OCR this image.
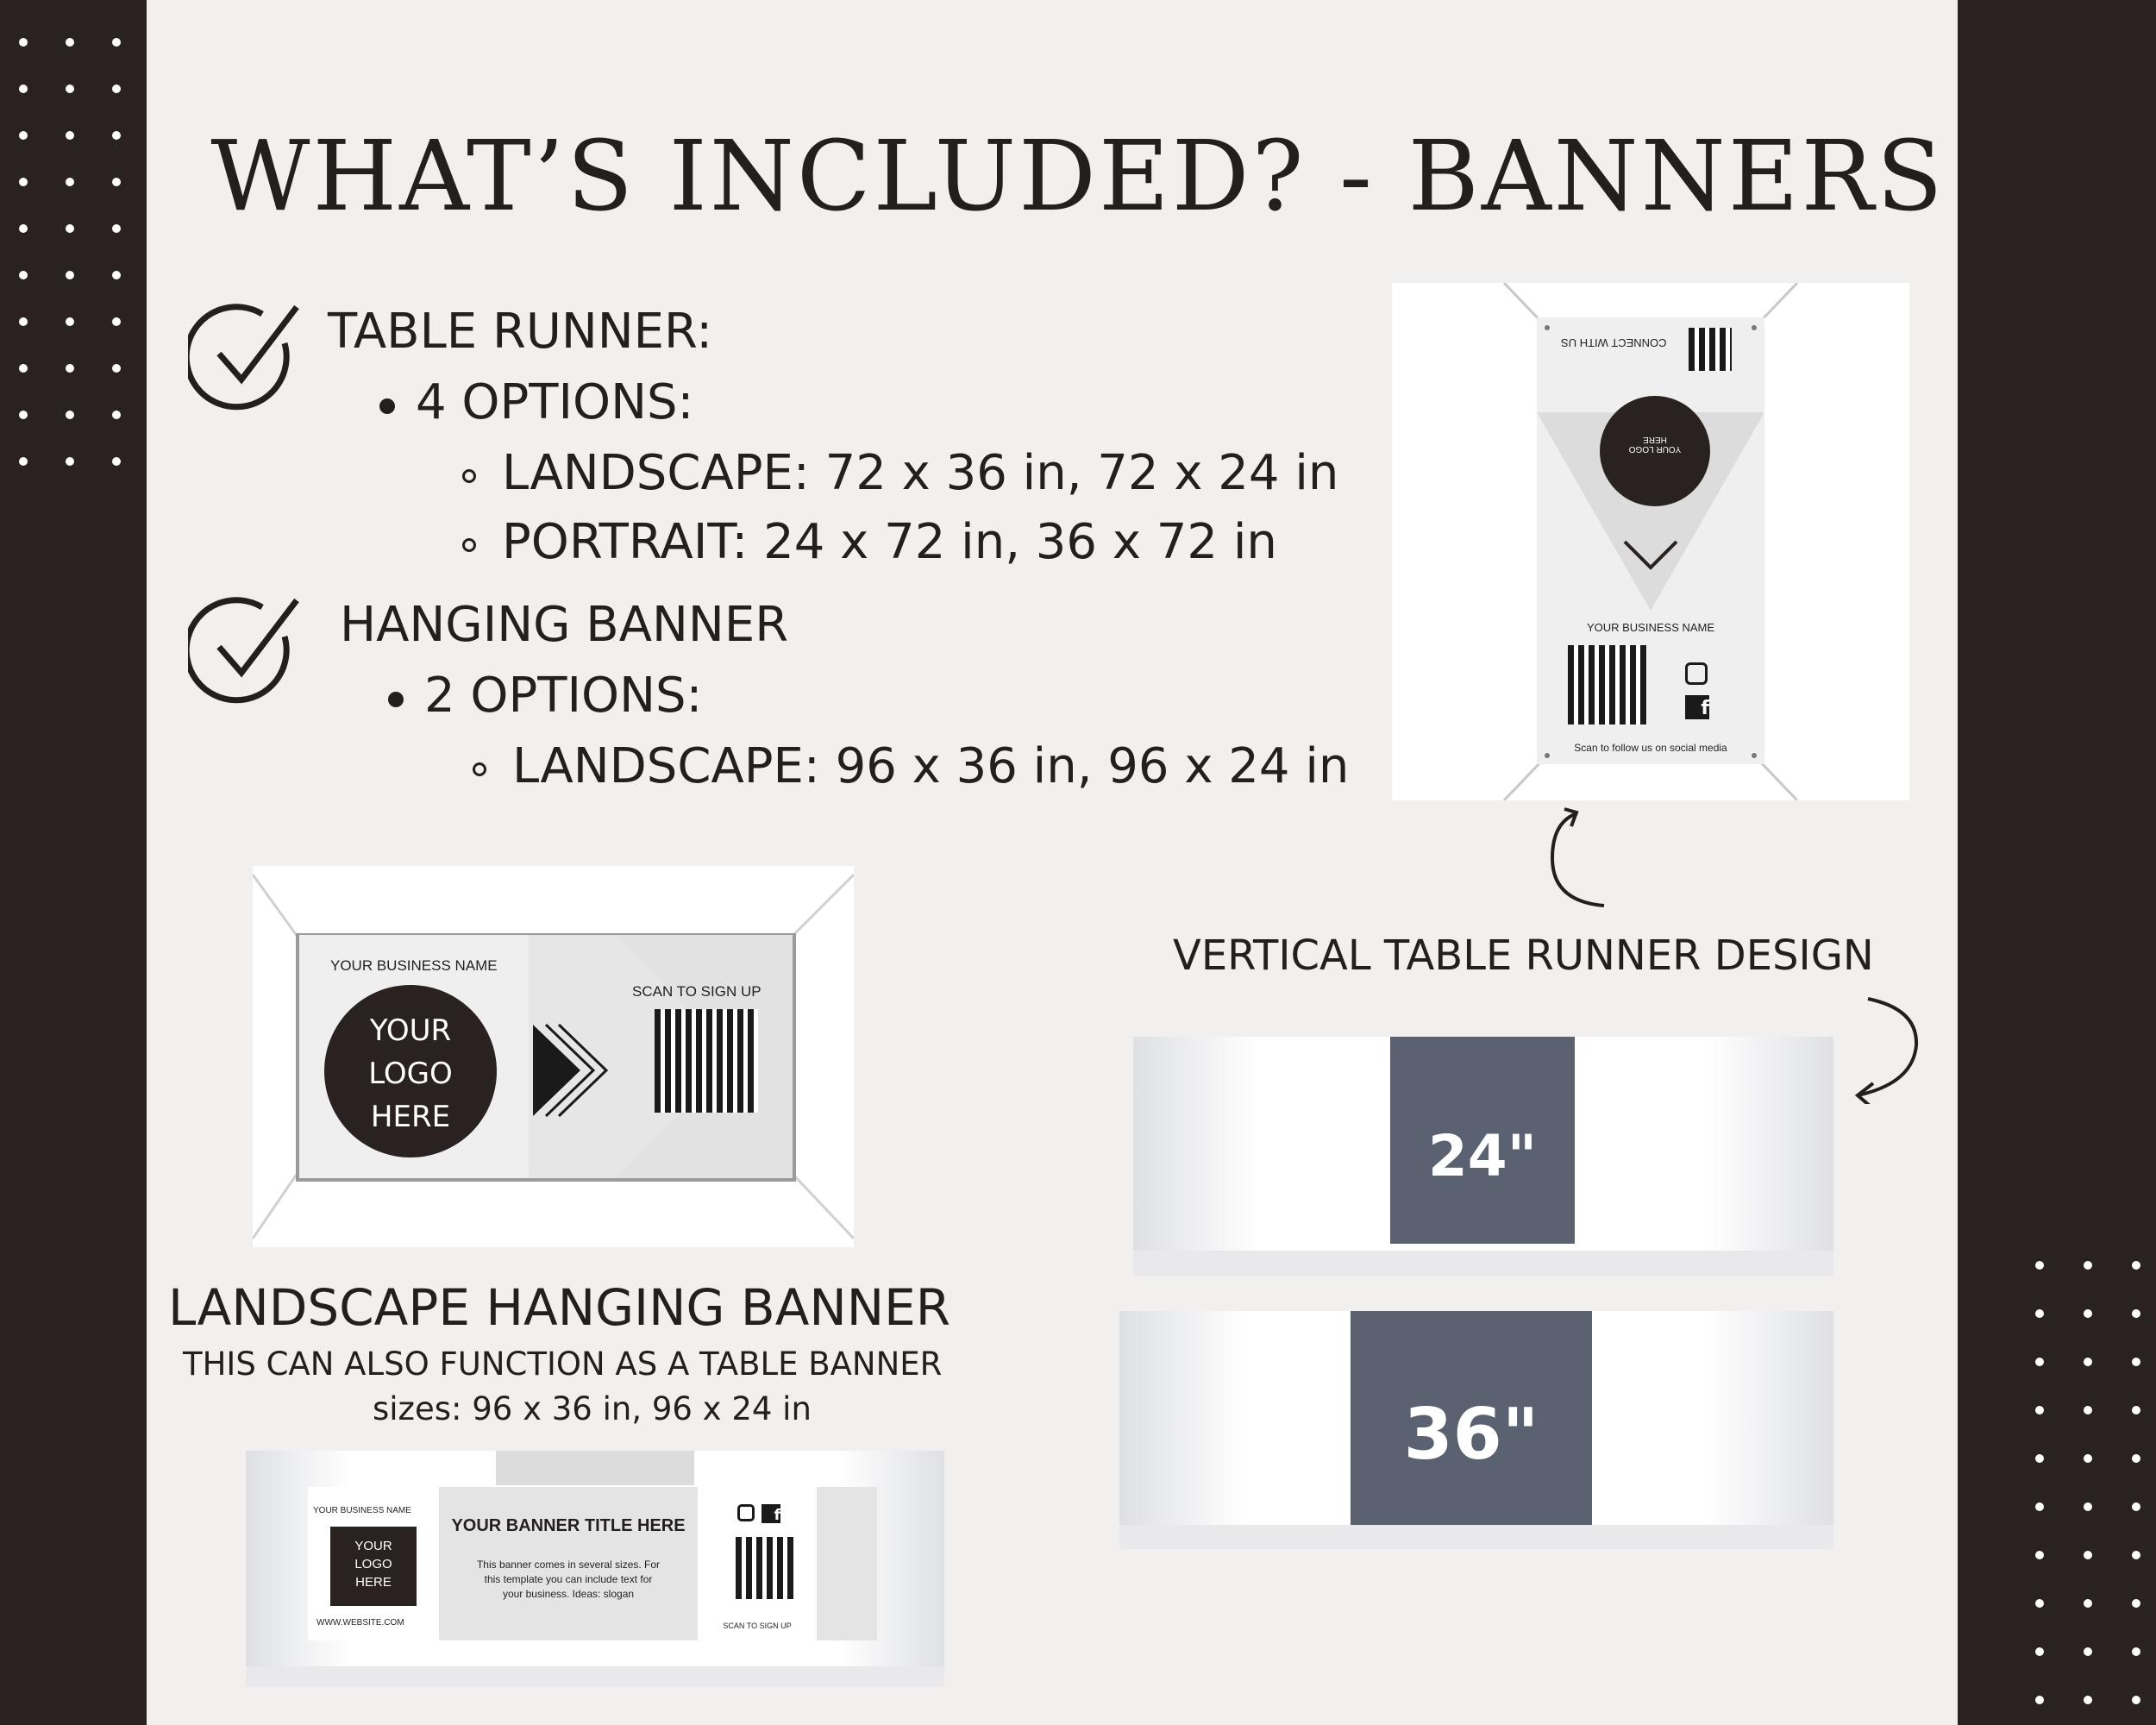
WHAT’S INCLUDED? - BANNERS
TABLE RUNNER:
4 OPTIONS:
LANDSCAPE: 72 x 36 in, 72 x 24 in
PORTRAIT: 24 x 72 in, 36 x 72 in
HANGING BANNER
2 OPTIONS:
LANDSCAPE: 96 x 36 in, 96 x 24 in
CONNECT WITH US
YOUR LOGO HERE
YOUR BUSINESS NAME
f
Scan to follow us on social media
VERTICAL TABLE RUNNER DESIGN
YOUR BUSINESS NAME
YOUR
LOGO
HERE
SCAN TO SIGN UP
LANDSCAPE HANGING BANNER
THIS CAN ALSO FUNCTION AS A TABLE BANNER
sizes: 96 x 36 in, 96 x 24 in
24"
36"
YOUR BUSINESS NAME
YOUR
LOGO
HERE
WWW.WEBSITE.COM
YOUR BANNER TITLE HERE
This banner comes in several sizes. For this template you can include text for your business. Ideas: slogan
f
SCAN TO SIGN UP
